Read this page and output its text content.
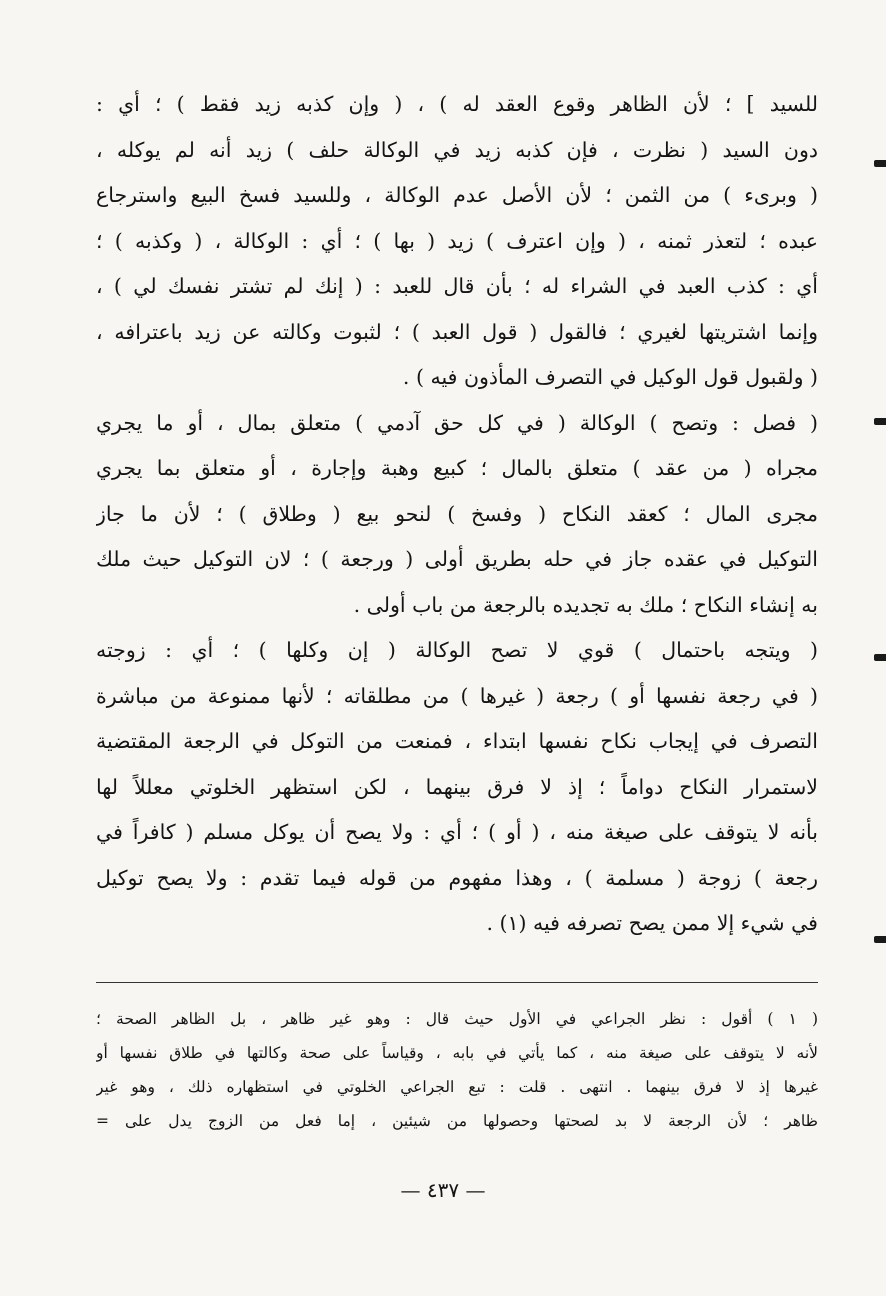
للسيد ] ؛ لأن الظاهر وقوع العقد له ) ، ( وإن كذبه زيد فقط ) ؛ أي :
دون السيد ( نظرت ، فإن كذبه زيد في الوكالة حلف ) زيد أنه لم يوكله ،
( وبرىء ) من الثمن ؛ لأن الأصل عدم الوكالة ، وللسيد فسخ البيع واسترجاع
عبده ؛ لتعذر ثمنه ، ( وإن اعترف ) زيد ( بها ) ؛ أي : الوكالة ، ( وكذبه ) ؛
أي : كذب العبد في الشراء له ؛ بأن قال للعبد : ( إنك لم تشتر نفسك لي ) ،
وإنما اشتريتها لغيري ؛ فالقول ( قول العبد ) ؛ لثبوت وكالته عن زيد باعترافه ،
( ولقبول قول الوكيل في التصرف المأذون فيه ) .
( فصل : وتصح ) الوكالة ( في كل حق آدمي ) متعلق بمال ، أو ما يجري
مجراه ( من عقد ) متعلق بالمال ؛ كبيع وهبة وإجارة ، أو متعلق بما يجري
مجرى المال ؛ كعقد النكاح ( وفسخ ) لنحو بيع ( وطلاق ) ؛ لأن ما جاز
التوكيل في عقده جاز في حله بطريق أولى ( ورجعة ) ؛ لان التوكيل حيث ملك
به إنشاء النكاح ؛ ملك به تجديده بالرجعة من باب أولى .
( ويتجه باحتمال ) قوي لا تصح الوكالة ( إن وكلها ) ؛ أي : زوجته
( في رجعة نفسها أو ) رجعة ( غيرها ) من مطلقاته ؛ لأنها ممنوعة من مباشرة
التصرف في إيجاب نكاح نفسها ابتداء ، فمنعت من التوكل في الرجعة المقتضية
لاستمرار النكاح دواماً ؛ إذ لا فرق بينهما ، لكن استظهر الخلوتي معللاً لها
بأنه لا يتوقف على صيغة منه ، ( أو ) ؛ أي : ولا يصح أن يوكل مسلم ( كافراً في
رجعة ) زوجة ( مسلمة ) ، وهذا مفهوم من قوله فيما تقدم : ولا يصح توكيل
في شيء إلا ممن يصح تصرفه فيه (١) .
( ١ ) أقول : نظر الجراعي في الأول حيث قال : وهو غير ظاهر ، بل الظاهر الصحة ؛
لأنه لا يتوقف على صيغة منه ، كما يأتي في بابه ، وقياساً على صحة وكالتها في طلاق نفسها أو
غيرها إذ لا فرق بينهما . انتهى . قلت : تبع الجراعي الخلوتي في استظهاره ذلك ، وهو غير
ظاهر ؛ لأن الرجعة لا بد لصحتها وحصولها من شيئين ، إما فعل من الزوج يدل على =
— ٤٣٧ —
